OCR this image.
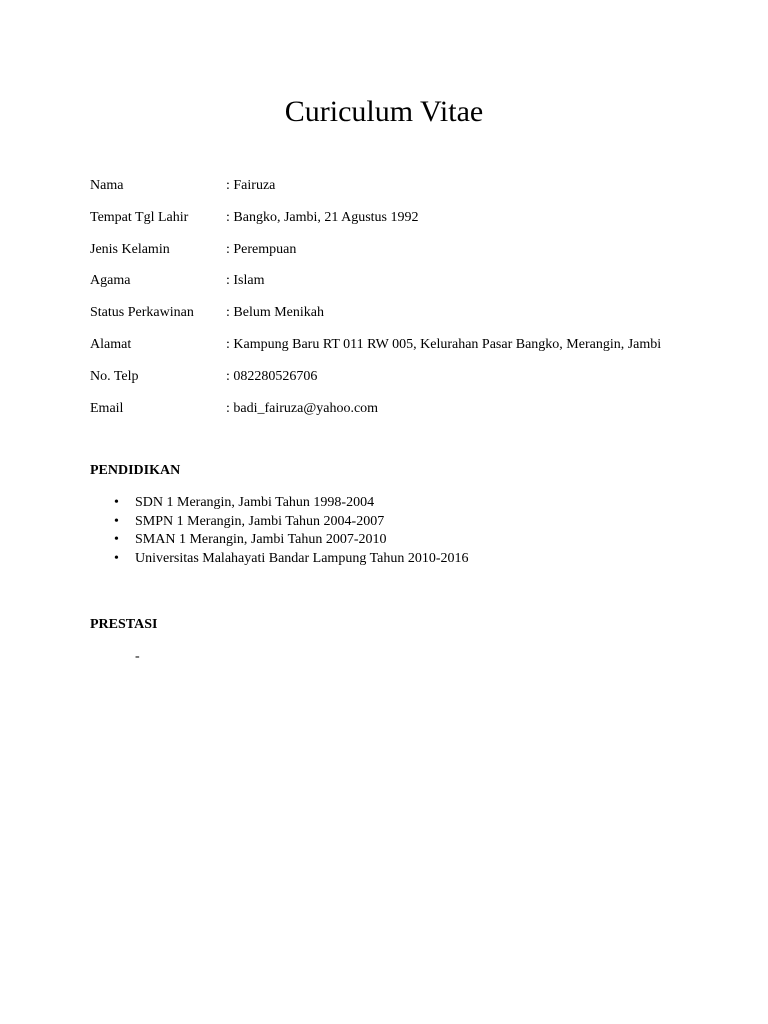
Curiculum Vitae
Nama	: Fairuza
Tempat Tgl Lahir	: Bangko, Jambi, 21 Agustus 1992
Jenis Kelamin	: Perempuan
Agama	: Islam
Status Perkawinan : Belum Menikah
Alamat	: Kampung Baru RT 011 RW 005, Kelurahan Pasar Bangko, Merangin, Jambi
No. Telp	: 082280526706
Email	: badi_fairuza@yahoo.com
PENDIDIKAN
• SDN 1 Merangin, Jambi Tahun 1998-2004
• SMPN 1 Merangin, Jambi Tahun 2004-2007
• SMAN 1 Merangin, Jambi Tahun 2007-2010
• Universitas Malahayati Bandar Lampung Tahun 2010-2016
PRESTASI
-
